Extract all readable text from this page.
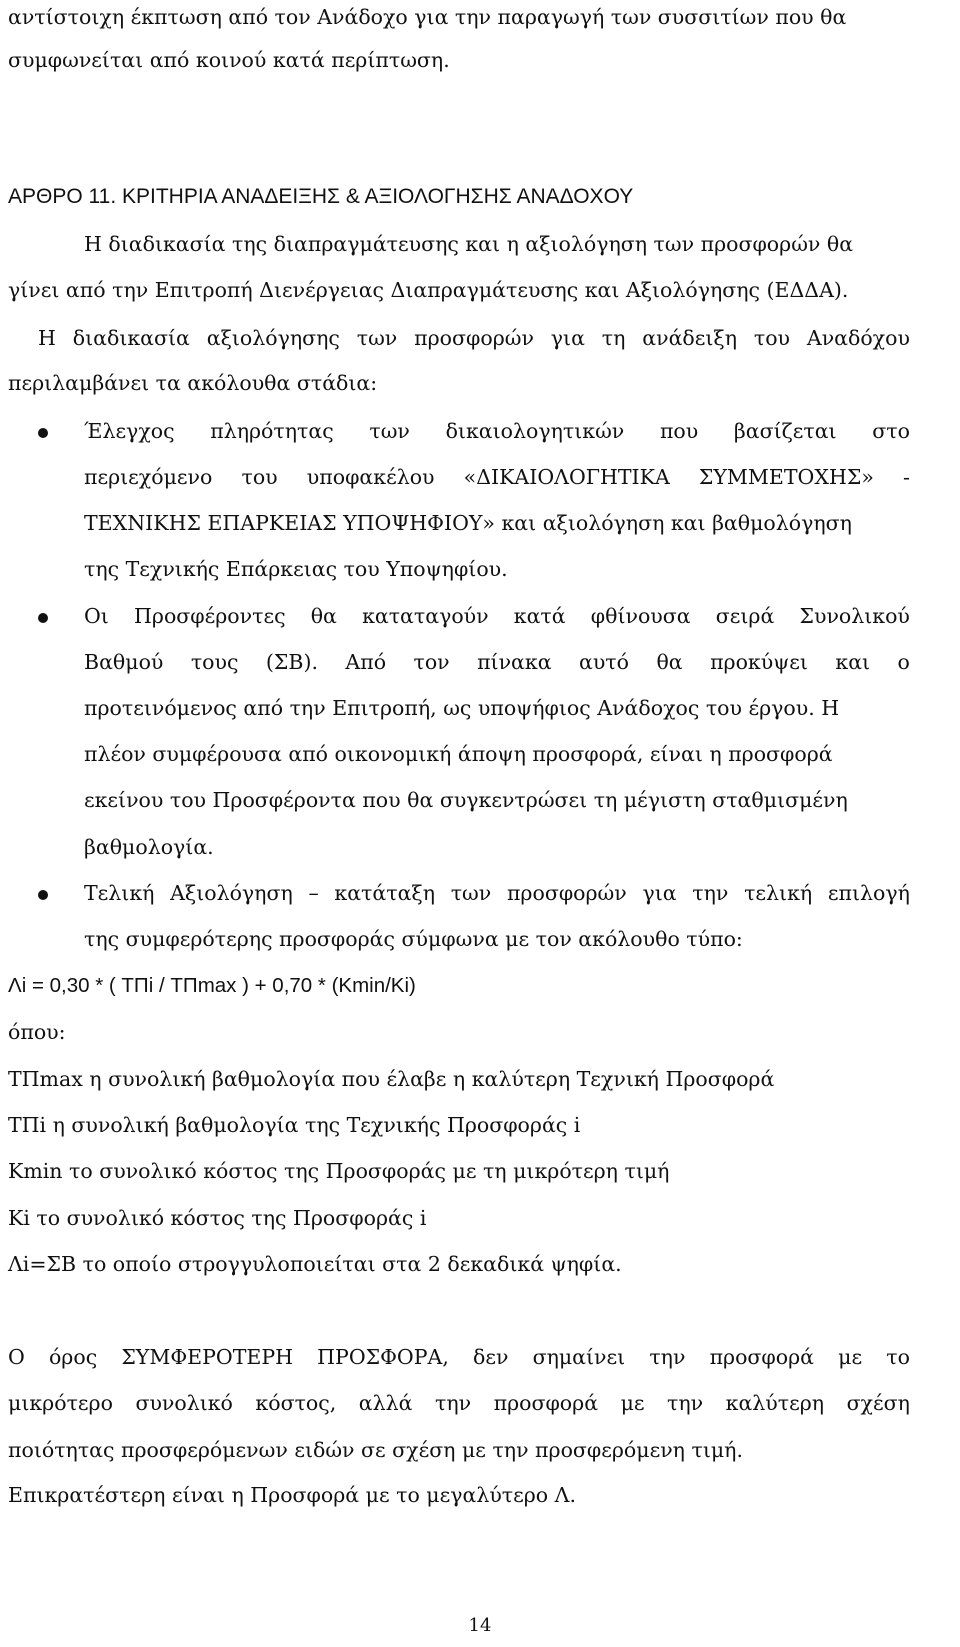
αντίστοιχη έκπτωση από τον Ανάδοχο για την παραγωγή των συσσιτίων που θα
συμφωνείται από κοινού κατά περίπτωση.
ΑΡΘΡΟ 11. ΚΡΙΤΗΡΙΑ ΑΝΑΔΕΙΞΗΣ & ΑΞΙΟΛΟΓΗΣΗΣ ΑΝΑΔΟΧΟΥ
Η διαδικασία της διαπραγμάτευσης και η αξιολόγηση των προσφορών θα
γίνει από την Επιτροπή Διενέργειας Διαπραγμάτευσης και Αξιολόγησης (ΕΔΔΑ).
Η διαδικασία αξιολόγησης των προσφορών για τη ανάδειξη του Αναδόχου
περιλαμβάνει τα ακόλουθα στάδια:
Έλεγχος πληρότητας των δικαιολογητικών που βασίζεται στο
περιεχόμενο του υποφακέλου «ΔΙΚΑΙΟΛΟΓΗΤΙΚΑ ΣΥΜΜΕΤΟΧΗΣ» -
ΤΕΧΝΙΚΗΣ ΕΠΑΡΚΕΙΑΣ ΥΠΟΨΗΦΙΟΥ» και αξιολόγηση και βαθμολόγηση
της Τεχνικής Επάρκειας του Υποψηφίου.
Οι Προσφέροντες θα καταταγούν κατά φθίνουσα σειρά Συνολικού
Βαθμού τους (ΣΒ). Από τον πίνακα αυτό θα προκύψει και ο
προτεινόμενος από την Επιτροπή, ως υποψήφιος Ανάδοχος του έργου. Η
πλέον συμφέρουσα από οικονομική άποψη προσφορά, είναι η προσφορά
εκείνου του Προσφέροντα που θα συγκεντρώσει τη μέγιστη σταθμισμένη
βαθμολογία.
Τελική Αξιολόγηση – κατάταξη των προσφορών για την τελική επιλογή
της συμφερότερης προσφοράς σύμφωνα με τον ακόλουθο τύπο:
Λi = 0,30 * ( ΤΠi / ΤΠmax ) + 0,70 * (Kmin/Ki)
όπου:
ΤΠmax η συνολική βαθμολογία που έλαβε η καλύτερη Τεχνική Προσφορά
ΤΠi η συνολική βαθμολογία της Τεχνικής Προσφοράς i
Kmin το συνολικό κόστος της Προσφοράς με τη μικρότερη τιμή
Ki το συνολικό κόστος της Προσφοράς i
Λi=ΣΒ το οποίο στρογγυλοποιείται στα 2 δεκαδικά ψηφία.
Ο όρος ΣΥΜΦΕΡΟΤΕΡΗ ΠΡΟΣΦΟΡΑ, δεν σημαίνει την προσφορά με το
μικρότερο συνολικό κόστος, αλλά την προσφορά με την καλύτερη σχέση
ποιότητας προσφερόμενων ειδών σε σχέση με την προσφερόμενη τιμή.
Επικρατέστερη είναι η Προσφορά με το μεγαλύτερο Λ.
14
